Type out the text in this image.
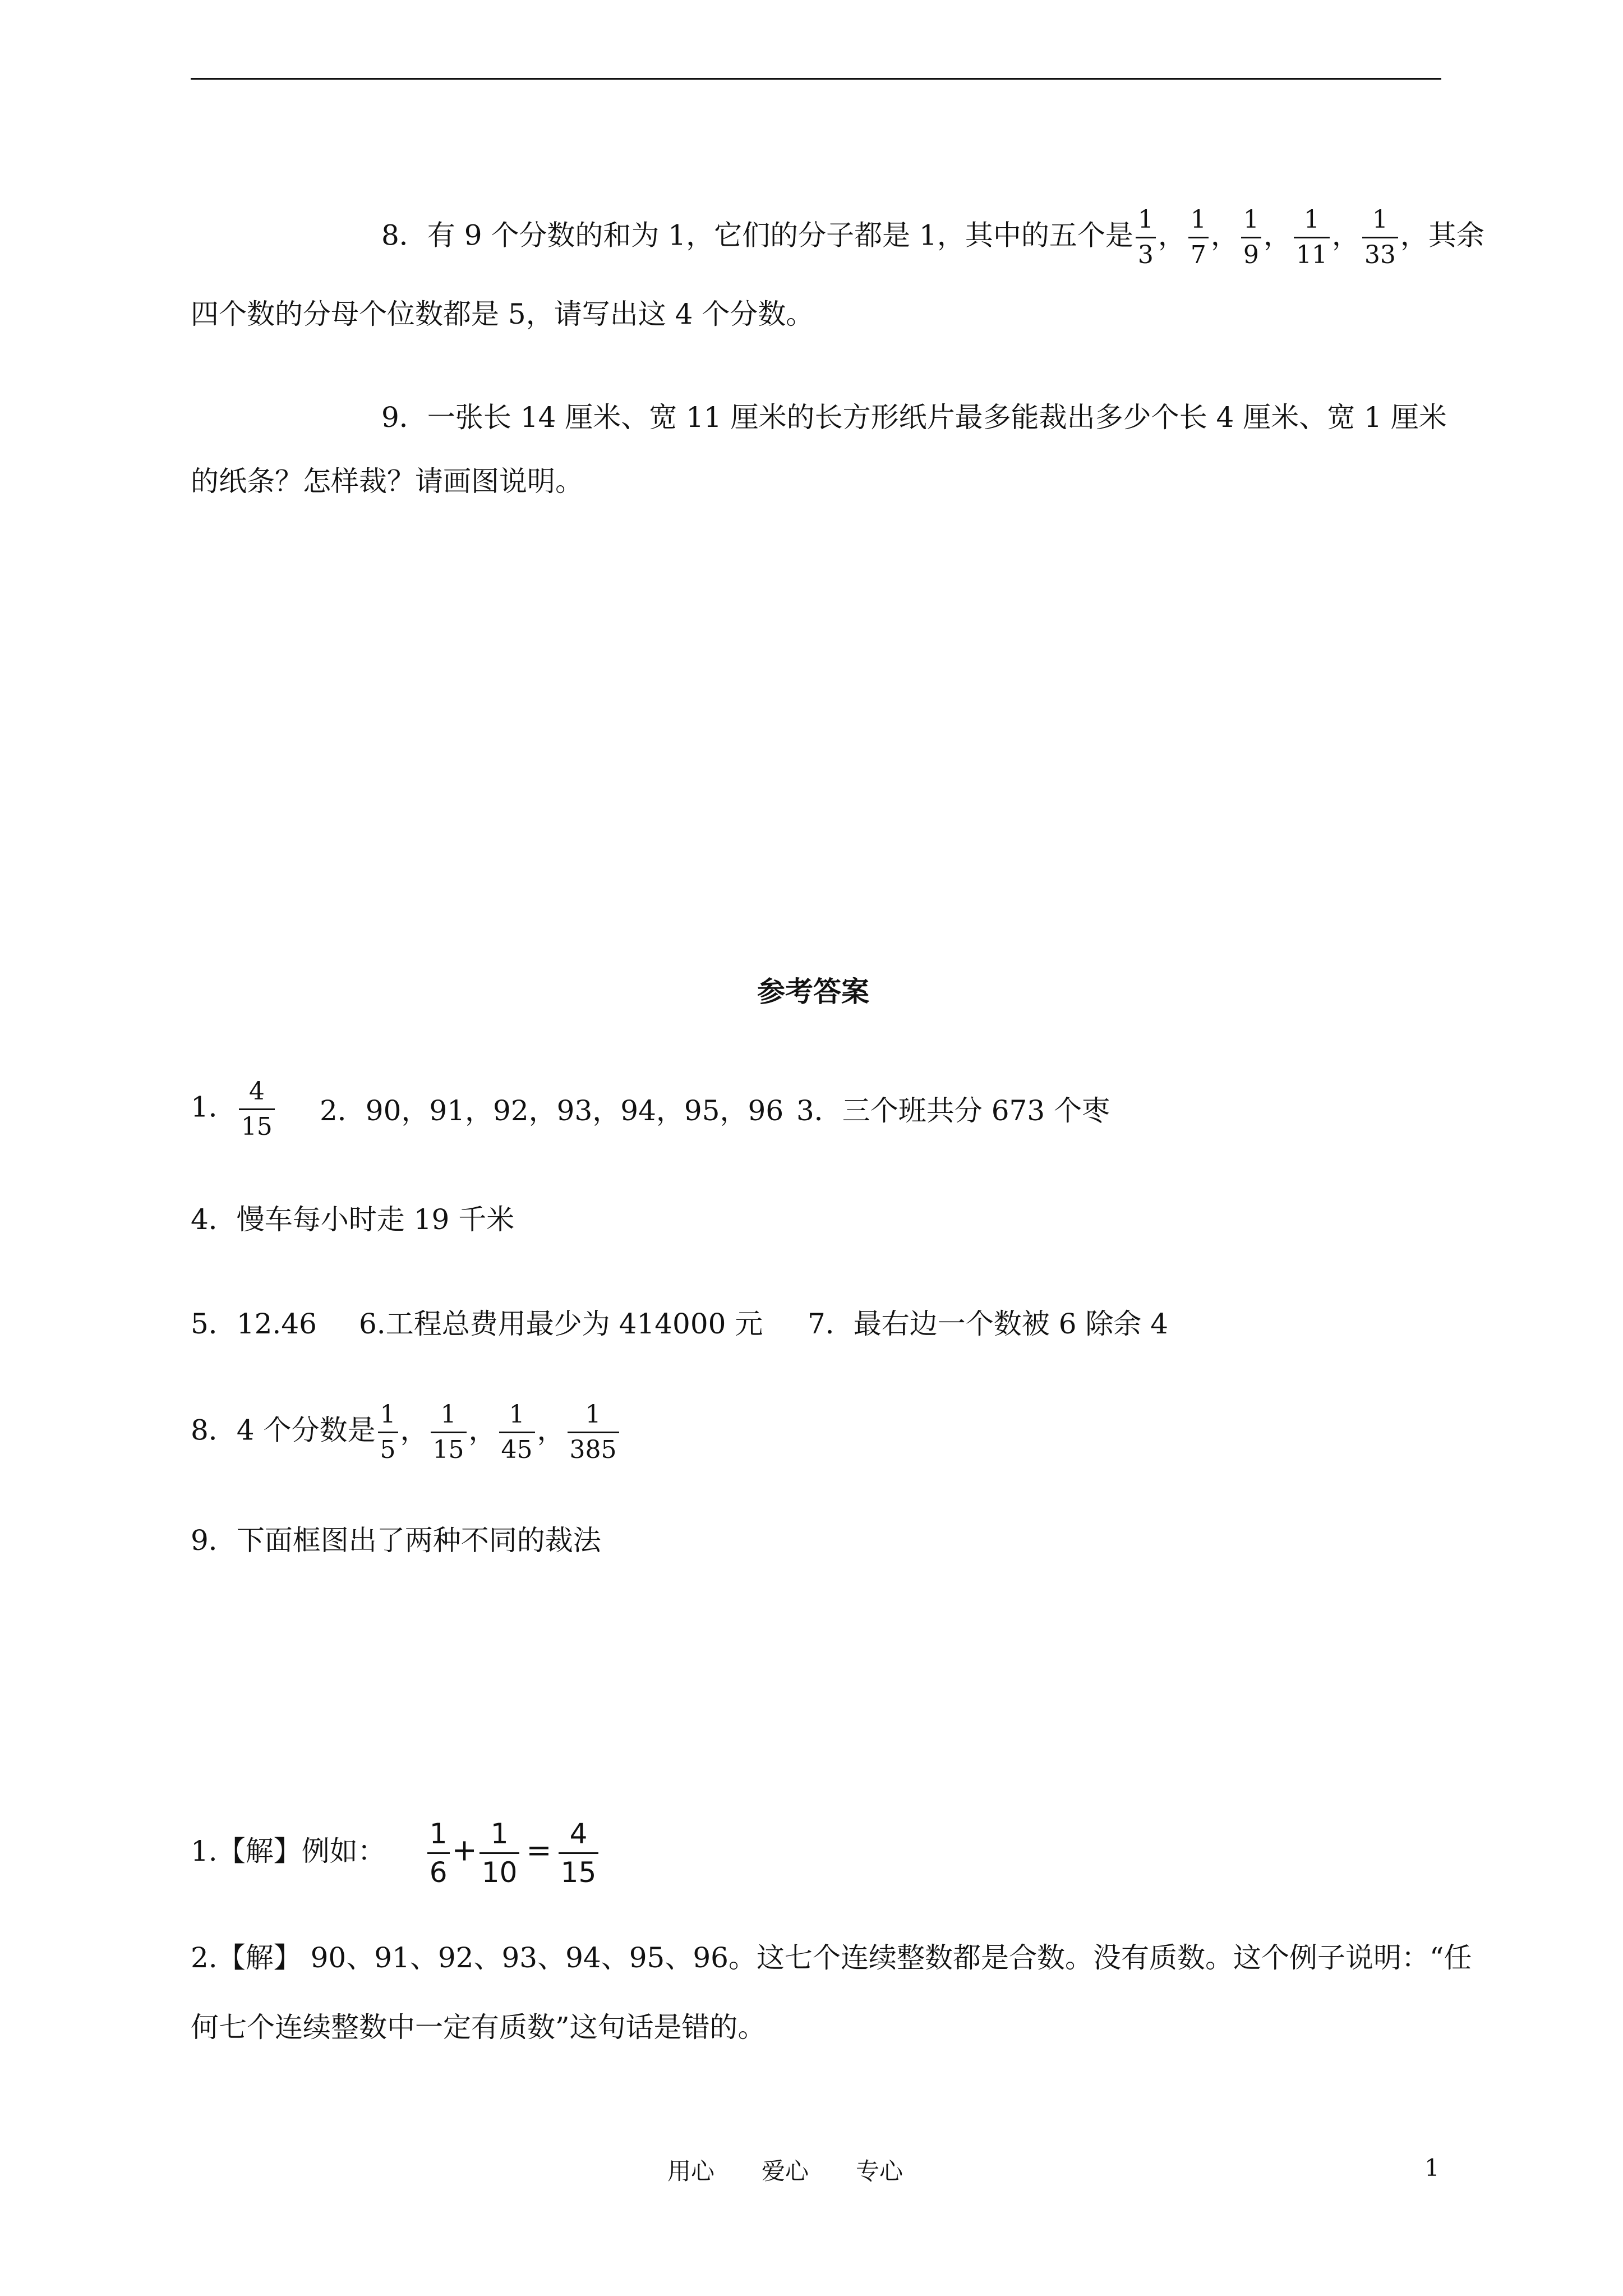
8．有 9 个分数的和为 1，它们的分子都是 1，其中的五个是 $\frac{1}{3}$ ， $\frac{1}{7}$ ， $\frac{1}{9}$ ， $\frac{1}{11}$ ， $\frac{1}{33}$ ，其余
四个数的分母个位数都是 5，请写出这 4 个分数。
9．一张长 14 厘米、宽 11 厘米的长方形纸片最多能裁出多少个长 4 厘米、宽 1 厘米
的纸条？怎样裁？请画图说明。
参考答案
1． $\frac{4}{15} 2$．90，91，92，93，94，95，96 3．三个班共分 673 个枣
4．慢车每小时走 19 千米
5．12.46 6.工程总费用最少为 414000 元 7．最右边一个数被 6 除余 4
8．4 个分数是 $\frac{1}{5}$ ， $\frac{1}{15}$ ， $\frac{1}{45}$ ， $\frac{1}{385}$
9．下面框图出了两种不同的裁法
1.【解】例如： $\frac{1}{6} + \frac{1}{10} = \frac{4}{15}$
2.【解】 90、91、92、93、94、95、96。这七个连续整数都是合数。没有质数。这个例子说明：“任
何七个连续整数中一定有质数”这句话是错的。
用心　　爱心　　专心	1
